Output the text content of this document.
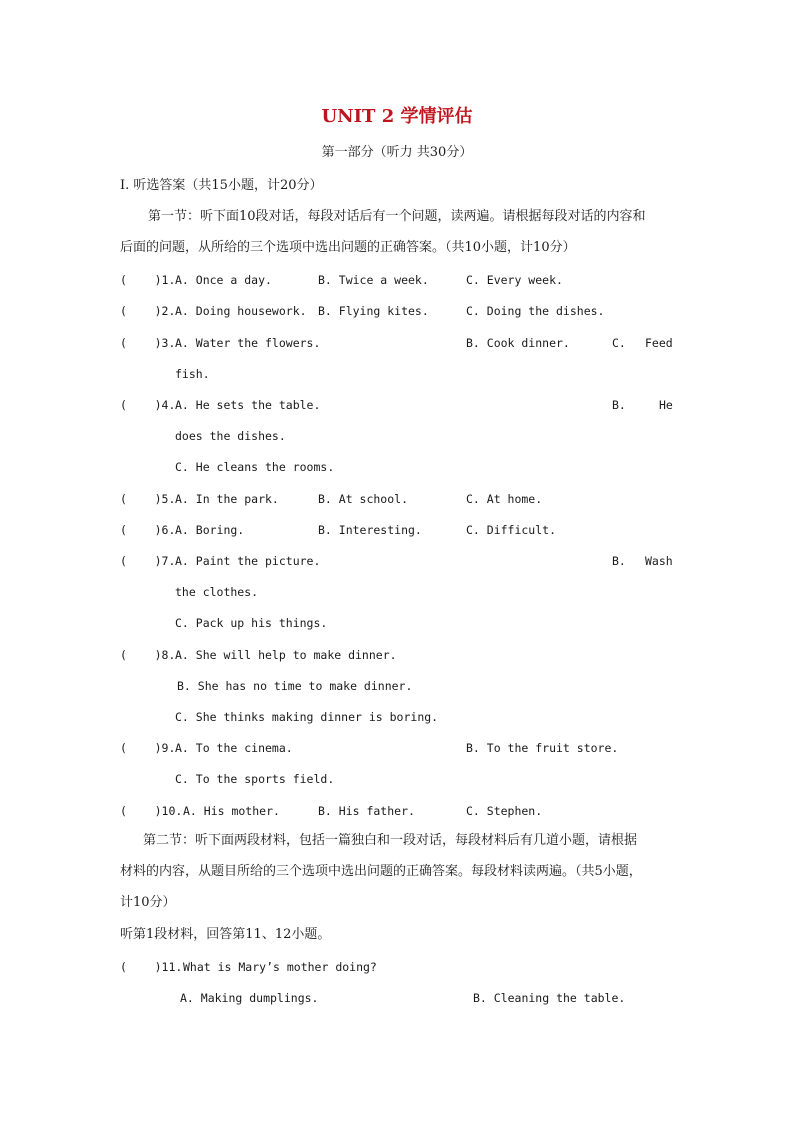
UNIT 2 学情评估
第一部分（听力 共30分）
I. 听选答案（共15小题，计20分）
第一节：听下面10段对话，每段对话后有一个问题，读两遍。请根据每段对话的内容和
后面的问题，从所给的三个选项中选出问题的正确答案。（共10小题，计10分）
(    )1. A. Once a day.	B. Twice a week.	C. Every week.
(    )2. A. Doing housework. B. Flying kites.	C. Doing the dishes.
(    )3. A. Water the flowers.	B. Cook dinner.	C. Feed
fish.
(    )4. A. He sets the table.	B.	He
does the dishes.
C. He cleans the rooms.
(    )5. A. In the park.	B. At school.	C. At home.
(    )6. A. Boring.	B. Interesting.	C. Difficult.
(    )7. A. Paint the picture.	B. Wash
the clothes.
C. Pack up his things.
(    )8. A. She will help to make dinner.
B. She has no time to make dinner.
C. She thinks making dinner is boring.
(    )9. A. To the cinema.	B. To the fruit store.
C. To the sports field.
(    )10. A. His mother.	B. His father.	C. Stephen.
第二节：听下面两段材料，包括一篇独白和一段对话，每段材料后有几道小题，请根据
材料的内容，从题目所给的三个选项中选出问题的正确答案。每段材料读两遍。（共5小题，
计10分）
听第1段材料，回答第11、12小题。
(    )11. What is Mary’s mother doing?
A. Making dumplings.	B. Cleaning the table.
